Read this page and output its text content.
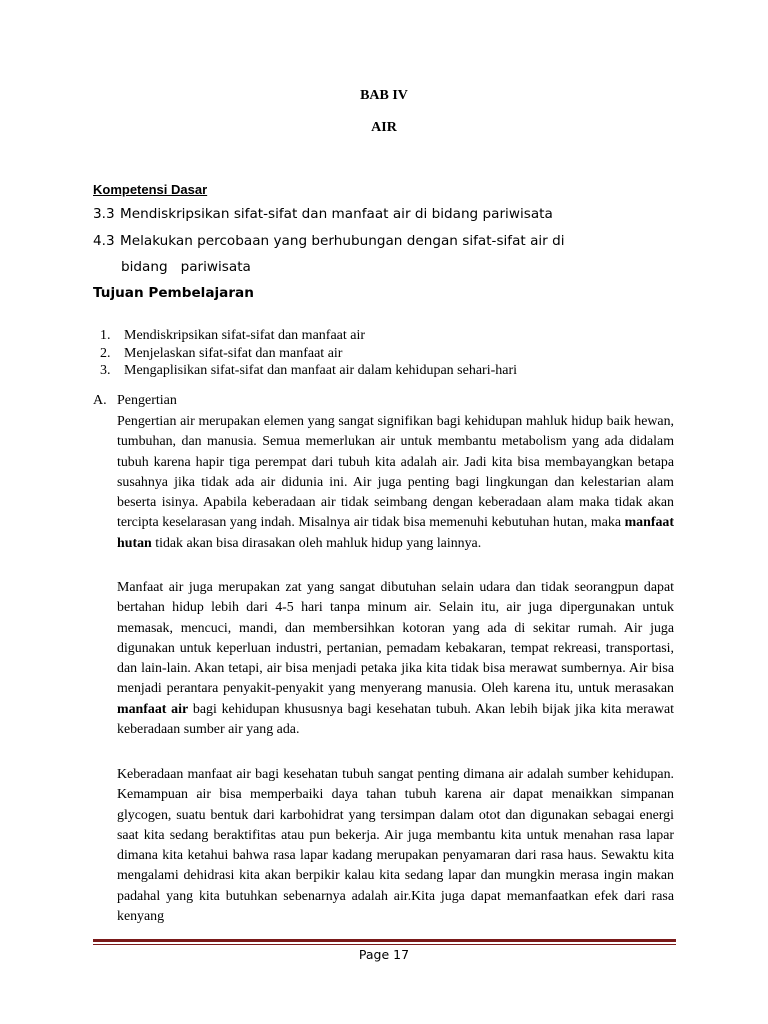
BAB IV
AIR
Kompetensi Dasar
3.3 Mendiskripsikan sifat-sifat dan manfaat air di bidang pariwisata
4.3 Melakukan percobaan yang berhubungan dengan sifat-sifat air di
bidang   pariwisata
Tujuan Pembelajaran
1. Mendiskripsikan sifat-sifat dan manfaat air
2. Menjelaskan sifat-sifat dan manfaat air
3. Mengaplisikan sifat-sifat dan manfaat air dalam kehidupan sehari-hari
A. Pengertian
Pengertian air merupakan elemen yang sangat signifikan bagi kehidupan mahluk hidup baik hewan, tumbuhan, dan manusia. Semua memerlukan air untuk membantu metabolism yang ada didalam tubuh karena hapir tiga perempat dari tubuh kita adalah air. Jadi kita bisa membayangkan betapa susahnya jika tidak ada air didunia ini. Air juga penting bagi lingkungan dan kelestarian alam beserta isinya. Apabila keberadaan air tidak seimbang dengan keberadaan alam maka tidak akan tercipta keselarasan yang indah. Misalnya air tidak bisa memenuhi kebutuhan hutan, maka manfaat hutan tidak akan bisa dirasakan oleh mahluk hidup yang lainnya.
Manfaat air juga merupakan zat yang sangat dibutuhan selain udara dan tidak seorangpun dapat bertahan hidup lebih dari 4-5 hari tanpa minum air. Selain itu, air juga dipergunakan untuk memasak, mencuci, mandi, dan membersihkan kotoran yang ada di sekitar rumah. Air juga digunakan untuk keperluan industri, pertanian, pemadam kebakaran, tempat rekreasi, transportasi, dan lain-lain. Akan tetapi, air bisa menjadi petaka jika kita tidak bisa merawat sumbernya. Air bisa menjadi perantara penyakit-penyakit yang menyerang manusia. Oleh karena itu, untuk merasakan manfaat air bagi kehidupan khususnya bagi kesehatan tubuh. Akan lebih bijak jika kita merawat keberadaan sumber air yang ada.
Keberadaan manfaat air bagi kesehatan tubuh sangat penting dimana air adalah sumber kehidupan. Kemampuan air bisa memperbaiki daya tahan tubuh karena air dapat menaikkan simpanan glycogen, suatu bentuk dari karbohidrat yang tersimpan dalam otot dan digunakan sebagai energi saat kita sedang beraktifitas atau pun bekerja. Air juga membantu kita untuk menahan rasa lapar dimana kita ketahui bahwa rasa lapar kadang merupakan penyamaran dari rasa haus. Sewaktu kita mengalami dehidrasi kita akan berpikir kalau kita sedang lapar dan mungkin merasa ingin makan padahal yang kita butuhkan sebenarnya adalah air.Kita juga dapat memanfaatkan efek dari rasa kenyang
Page 17
